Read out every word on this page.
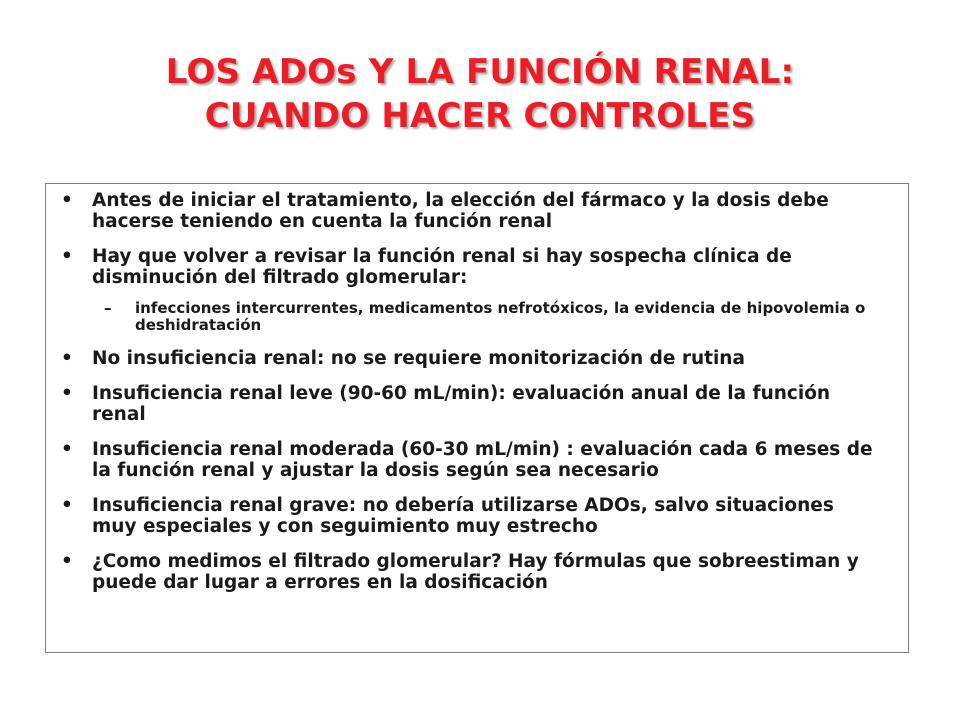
LOS ADOs Y LA FUNCIÓN RENAL:
CUANDO HACER CONTROLES
• Antes de iniciar el tratamiento, la elección del fármaco y la dosis debe hacerse teniendo en cuenta la función renal
• Hay que volver a revisar la función renal si hay sospecha clínica de disminución del filtrado glomerular:
– infecciones intercurrentes, medicamentos nefrotóxicos, la evidencia de hipovolemia o deshidratación
• No insuficiencia renal: no se requiere monitorización de rutina
• Insuficiencia renal leve (90-60 mL/min): evaluación anual de la función renal
• Insuficiencia renal moderada (60-30 mL/min) : evaluación cada 6 meses de la función renal y ajustar la dosis según sea necesario
• Insuficiencia renal grave: no debería utilizarse ADOs, salvo situaciones muy especiales y con seguimiento muy estrecho
• ¿Como medimos el filtrado glomerular? Hay fórmulas que sobreestiman y puede dar lugar a errores en la dosificación
